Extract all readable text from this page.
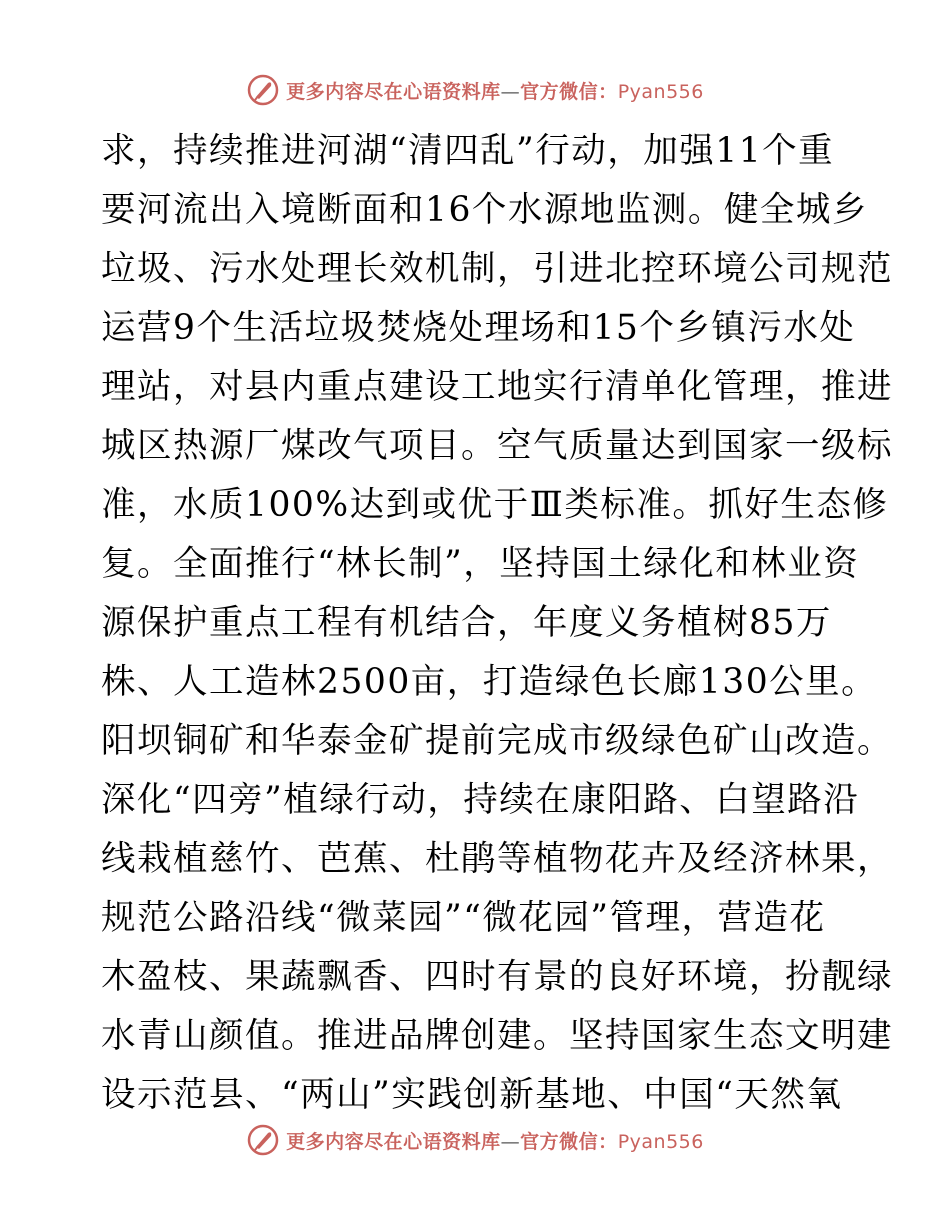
更多内容尽在心语资料库—官方微信：Pyan556
求，持续推进河湖“清四乱”行动，加强11个重
要河流出入境断面和16个水源地监测。健全城乡
垃圾、污水处理长效机制，引进北控环境公司规范
运营9个生活垃圾焚烧处理场和15个乡镇污水处
理站，对县内重点建设工地实行清单化管理，推进
城区热源厂煤改气项目。空气质量达到国家一级标
准，水质100%达到或优于Ⅲ类标准。抓好生态修
复。全面推行“林长制”，坚持国土绿化和林业资
源保护重点工程有机结合，年度义务植树85万
株、人工造林2500亩，打造绿色长廊130公里。
阳坝铜矿和华泰金矿提前完成市级绿色矿山改造。
深化“四旁”植绿行动，持续在康阳路、白望路沿
线栽植慈竹、芭蕉、杜鹃等植物花卉及经济林果，
规范公路沿线“微菜园”“微花园”管理，营造花
木盈枝、果蔬飘香、四时有景的良好环境，扮靓绿
水青山颜值。推进品牌创建。坚持国家生态文明建
设示范县、“两山”实践创新基地、中国“天然氧
更多内容尽在心语资料库—官方微信：Pyan556
